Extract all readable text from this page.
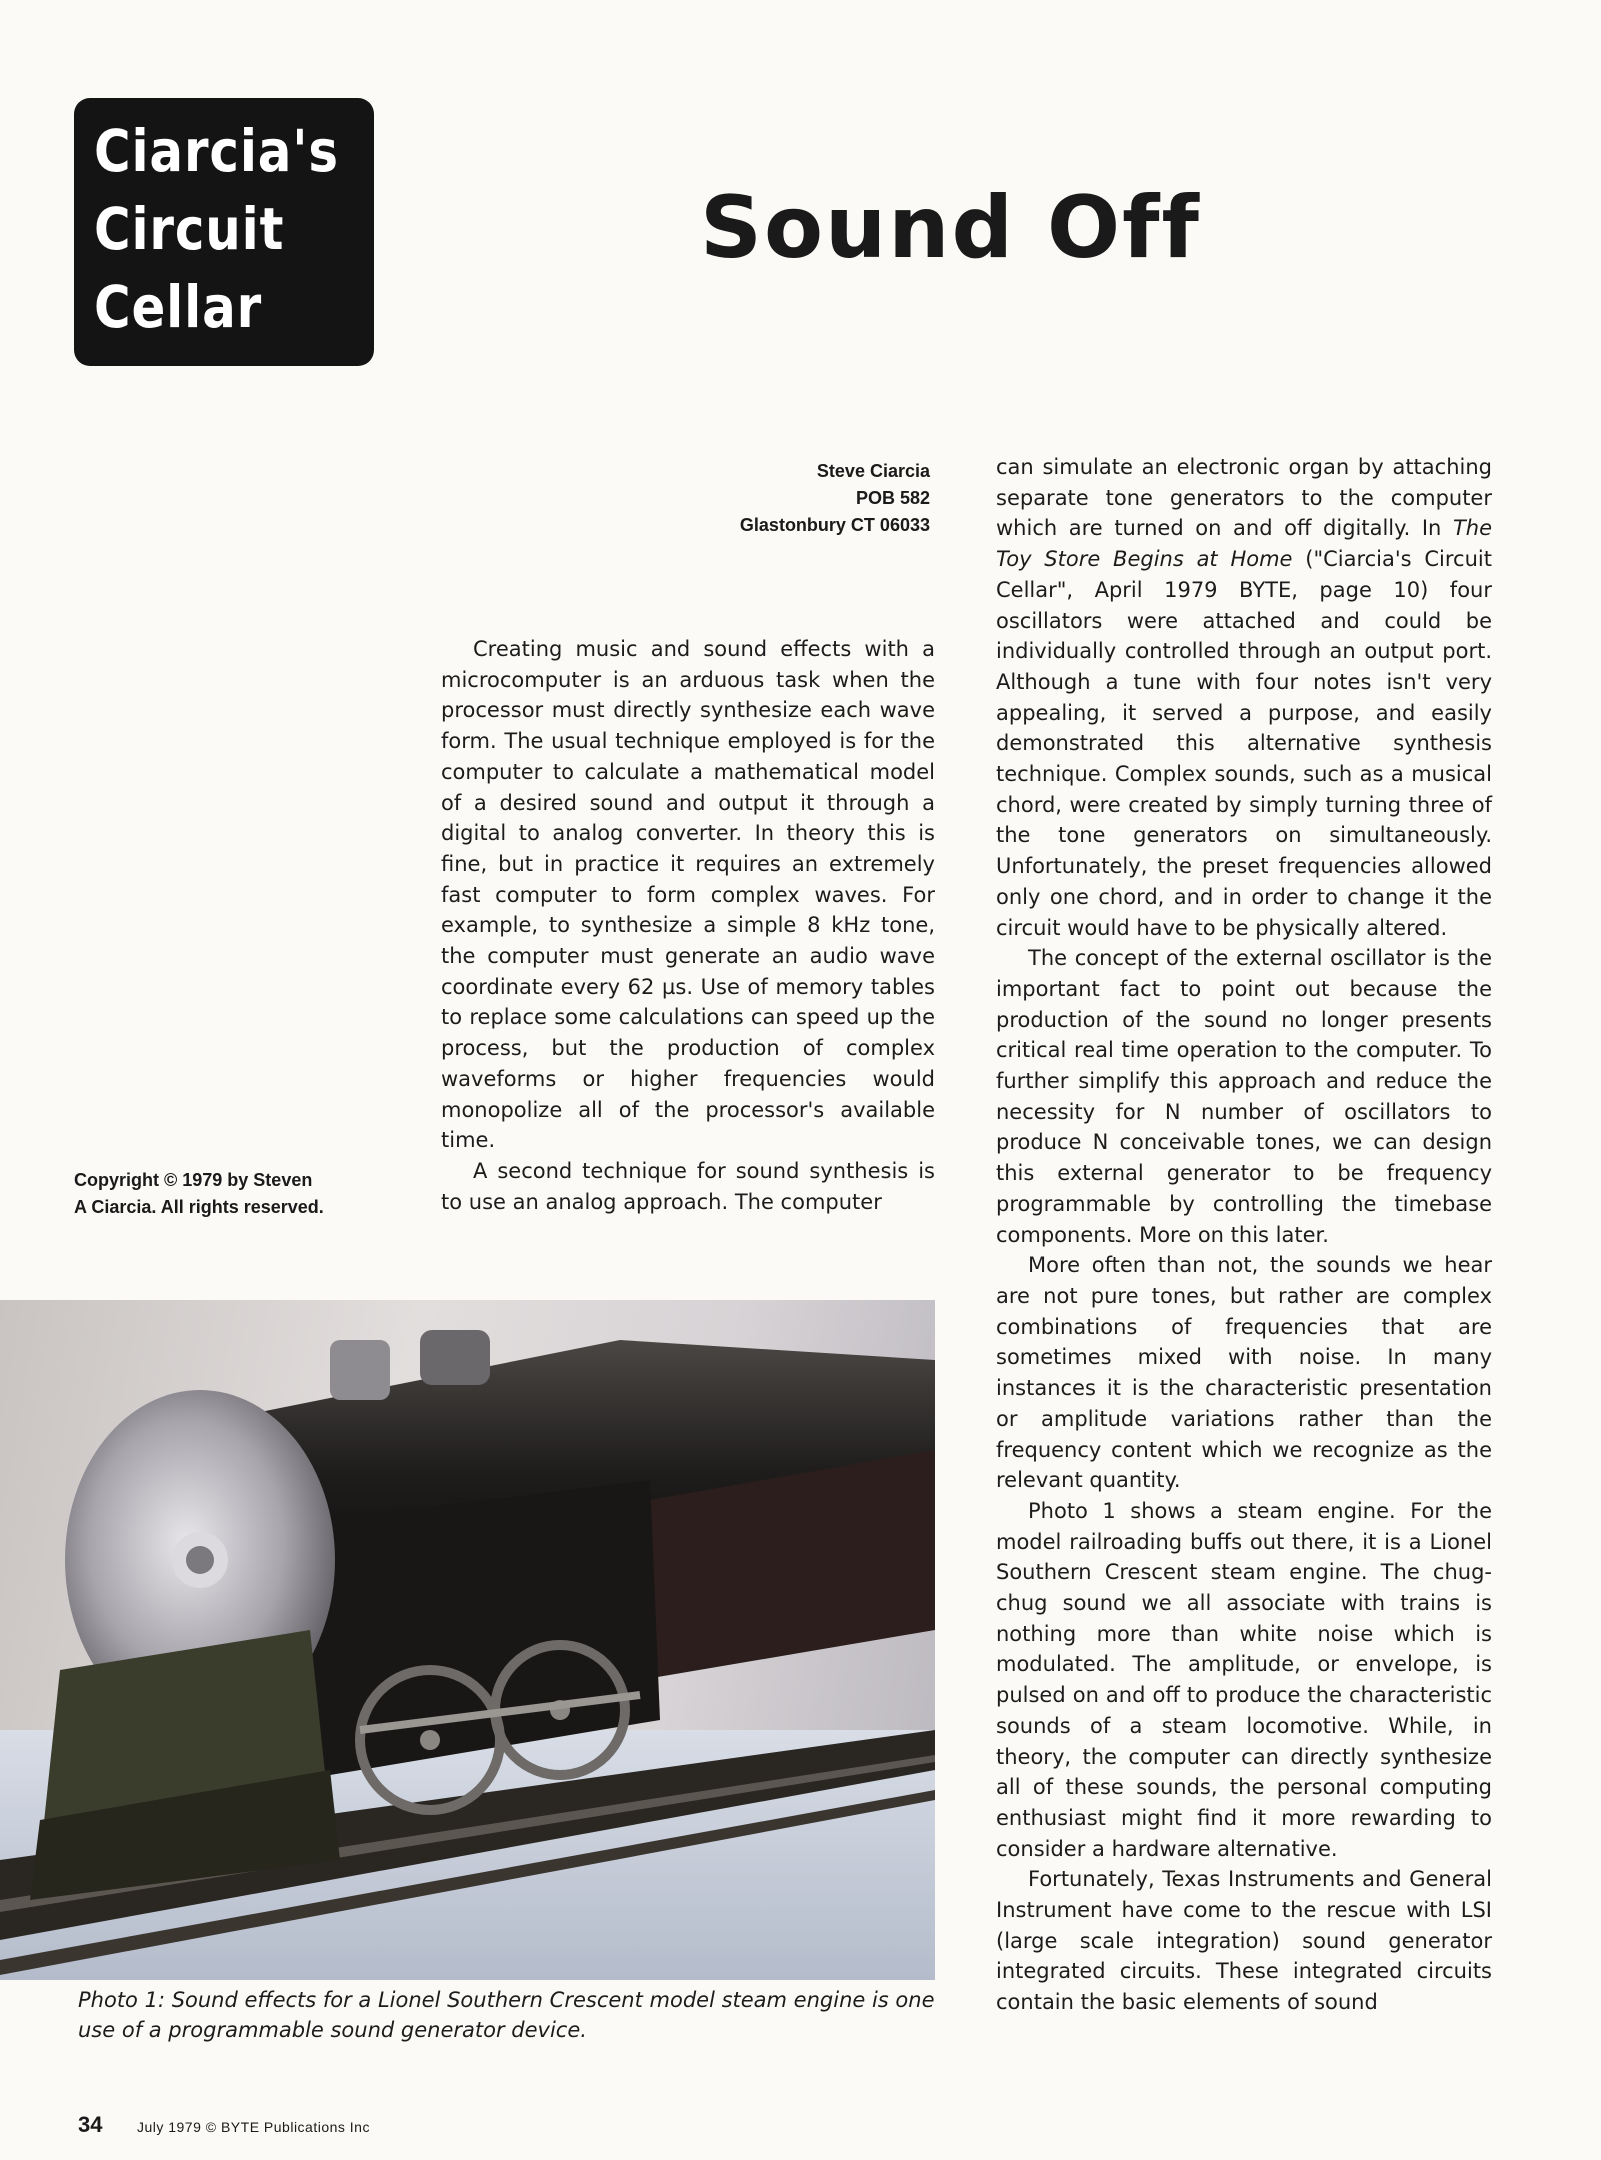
Ciarcia's
Circuit
Cellar
Sound Off
Steve Ciarcia
POB 582
Glastonbury CT 06033

Creating music and sound effects with a microcomputer is an arduous task when the processor must directly synthesize each wave form. The usual technique employed is for the computer to calculate a mathematical model of a desired sound and output it through a digital to analog converter. In theory this is fine, but in practice it requires an extremely fast computer to form complex waves. For example, to synthesize a simple 8 kHz tone, the computer must generate an audio wave coordinate every 62 µs. Use of memory tables to replace some calculations can speed up the process, but the production of complex waveforms or higher frequencies would monopolize all of the processor's available time.

A second technique for sound synthesis is to use an analog approach. The computer

Copyright © 1979 by Steven
A Ciarcia. All rights reserved.
Photo 1: Sound effects for a Lionel Southern Crescent model steam engine is one use of a programmable sound generator device.

can simulate an electronic organ by attaching separate tone generators to the computer which are turned on and off digitally. In The Toy Store Begins at Home ("Ciarcia's Circuit Cellar", April 1979 BYTE, page 10) four oscillators were attached and could be individually controlled through an output port. Although a tune with four notes isn't very appealing, it served a purpose, and easily demonstrated this alternative synthesis technique. Complex sounds, such as a musical chord, were created by simply turning three of the tone generators on simultaneously. Unfortunately, the preset frequencies allowed only one chord, and in order to change it the circuit would have to be physically altered.

The concept of the external oscillator is the important fact to point out because the production of the sound no longer presents critical real time operation to the computer. To further simplify this approach and reduce the necessity for N number of oscillators to produce N conceivable tones, we can design this external generator to be frequency programmable by controlling the timebase components. More on this later.

More often than not, the sounds we hear are not pure tones, but rather are complex combinations of frequencies that are sometimes mixed with noise. In many instances it is the characteristic presentation or amplitude variations rather than the frequency content which we recognize as the relevant quantity.

Photo 1 shows a steam engine. For the model railroading buffs out there, it is a Lionel Southern Crescent steam engine. The chug-chug sound we all associate with trains is nothing more than white noise which is modulated. The amplitude, or envelope, is pulsed on and off to produce the characteristic sounds of a steam locomotive. While, in theory, the computer can directly synthesize all of these sounds, the personal computing enthusiast might find it more rewarding to consider a hardware alternative.

Fortunately, Texas Instruments and General Instrument have come to the rescue with LSI (large scale integration) sound generator integrated circuits. These integrated circuits contain the basic elements of sound

34 July 1979 © BYTE Publications Inc
